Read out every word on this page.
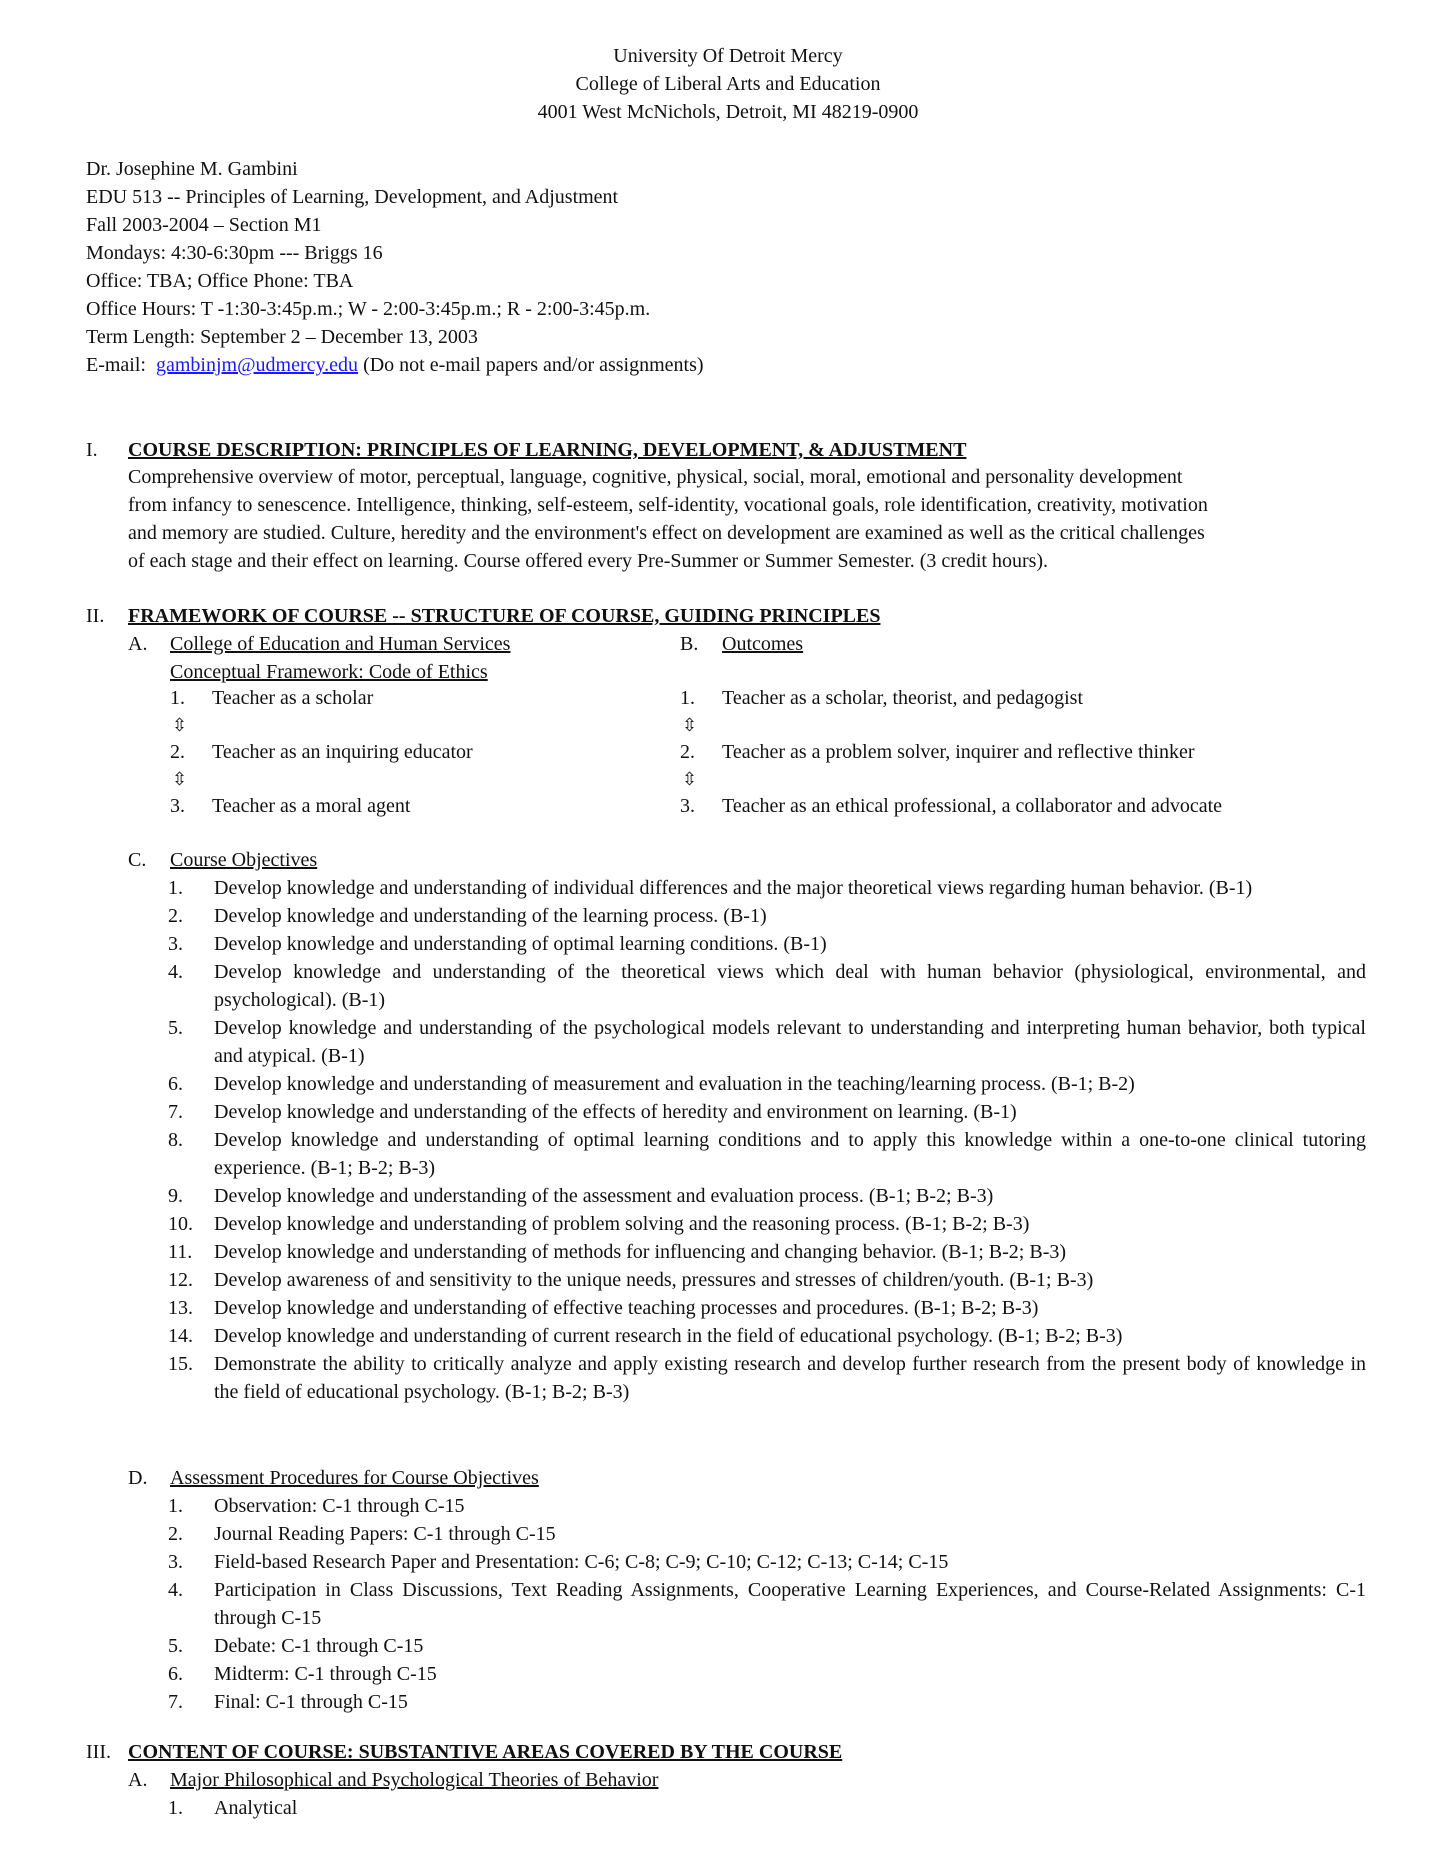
University Of Detroit Mercy
College of Liberal Arts and Education
4001 West McNichols, Detroit, MI 48219-0900
Dr. Josephine M. Gambini
EDU 513 -- Principles of Learning, Development, and Adjustment
Fall 2003-2004 – Section M1
Mondays: 4:30-6:30pm --- Briggs 16
Office: TBA; Office Phone: TBA
Office Hours: T -1:30-3:45p.m.; W - 2:00-3:45p.m.; R - 2:00-3:45p.m.
Term Length: September 2 – December 13, 2003
E-mail: gambinjm@udmercy.edu (Do not e-mail papers and/or assignments)
I.	COURSE DESCRIPTION: PRINCIPLES OF LEARNING, DEVELOPMENT, & ADJUSTMENT
Comprehensive overview of motor, perceptual, language, cognitive, physical, social, moral, emotional and personality development
from infancy to senescence. Intelligence, thinking, self-esteem, self-identity, vocational goals, role identification, creativity, motivation
and memory are studied. Culture, heredity and the environment's effect on development are examined as well as the critical challenges
of each stage and their effect on learning. Course offered every Pre-Summer or Summer Semester. (3 credit hours).
II.	FRAMEWORK OF COURSE -- STRUCTURE OF COURSE, GUIDING PRINCIPLES
A. College of Education and Human Services
Conceptual Framework: Code of Ethics
B. Outcomes
1. Teacher as a scholar	1. Teacher as a scholar, theorist, and pedagogist
⇳	⇳
2. Teacher as an inquiring educator	2. Teacher as a problem solver, inquirer and reflective thinker
⇳	⇳
3. Teacher as a moral agent	3. Teacher as an ethical professional, a collaborator and advocate
C. Course Objectives
1.	Develop knowledge and understanding of individual differences and the major theoretical views regarding human behavior. (B-1)
2.	Develop knowledge and understanding of the learning process. (B-1)
3.	Develop knowledge and understanding of optimal learning conditions. (B-1)
4.	Develop knowledge and understanding of the theoretical views which deal with human behavior (physiological, environmental, and psychological). (B-1)
5.	Develop knowledge and understanding of the psychological models relevant to understanding and interpreting human behavior, both typical and atypical. (B-1)
6.	Develop knowledge and understanding of measurement and evaluation in the teaching/learning process. (B-1; B-2)
7.	Develop knowledge and understanding of the effects of heredity and environment on learning. (B-1)
8.	Develop knowledge and understanding of optimal learning conditions and to apply this knowledge within a one-to-one clinical tutoring experience. (B-1; B-2; B-3)
9.	Develop knowledge and understanding of the assessment and evaluation process. (B-1; B-2; B-3)
10.	Develop knowledge and understanding of problem solving and the reasoning process. (B-1; B-2; B-3)
11.	Develop knowledge and understanding of methods for influencing and changing behavior. (B-1; B-2; B-3)
12.	Develop awareness of and sensitivity to the unique needs, pressures and stresses of children/youth. (B-1; B-3)
13.	Develop knowledge and understanding of effective teaching processes and procedures. (B-1; B-2; B-3)
14.	Develop knowledge and understanding of current research in the field of educational psychology. (B-1; B-2; B-3)
15.	Demonstrate the ability to critically analyze and apply existing research and develop further research from the present body of knowledge in the field of educational psychology. (B-1; B-2; B-3)
D. Assessment Procedures for Course Objectives
1.	Observation: C-1 through C-15
2.	Journal Reading Papers: C-1 through C-15
3.	Field-based Research Paper and Presentation: C-6; C-8; C-9; C-10; C-12; C-13; C-14; C-15
4.	Participation in Class Discussions, Text Reading Assignments, Cooperative Learning Experiences, and Course-Related Assignments: C-1 through C-15
5.	Debate: C-1 through C-15
6.	Midterm: C-1 through C-15
7.	Final: C-1 through C-15
III. CONTENT OF COURSE: SUBSTANTIVE AREAS COVERED BY THE COURSE
A. Major Philosophical and Psychological Theories of Behavior
1.	Analytical
